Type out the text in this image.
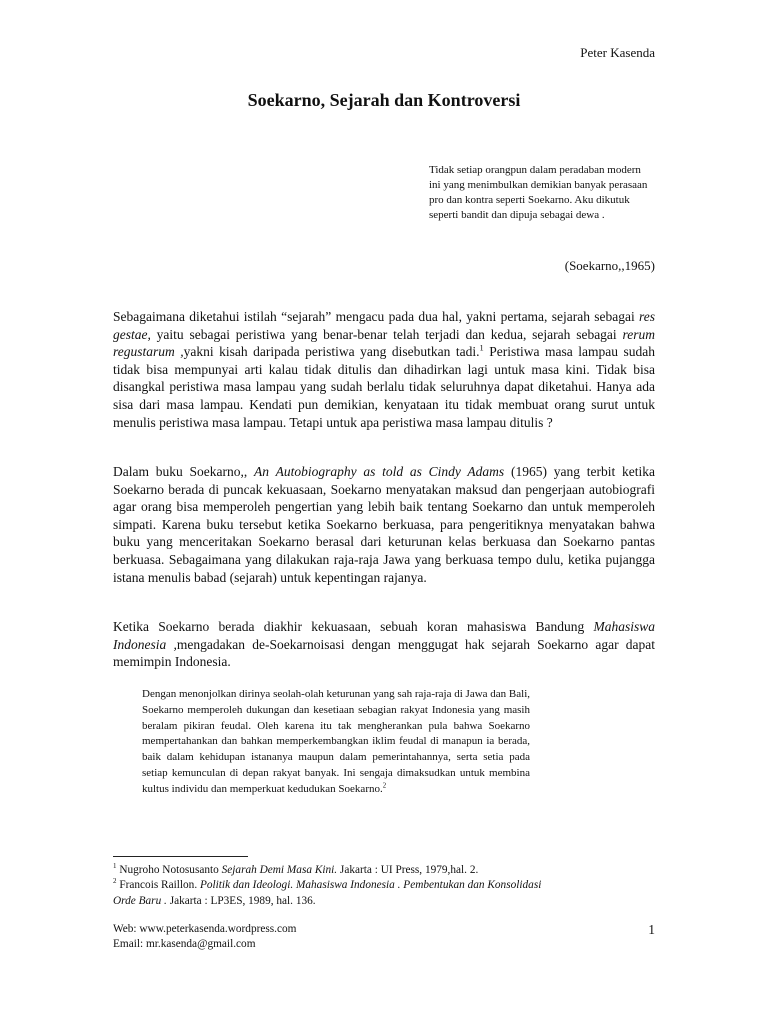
Peter Kasenda
Soekarno, Sejarah dan Kontroversi
Tidak setiap orangpun dalam peradaban modern ini yang menimbulkan demikian banyak perasaan pro dan kontra seperti Soekarno. Aku dikutuk seperti bandit dan dipuja sebagai dewa .
(Soekarno,,1965)

Sebagaimana diketahui istilah “sejarah” mengacu pada dua hal, yakni pertama, sejarah sebagai res gestae, yaitu sebagai peristiwa yang benar-benar telah terjadi dan kedua, sejarah sebagai rerum regustarum ,yakni kisah daripada peristiwa yang disebutkan tadi.$^1$ Peristiwa masa lampau sudah tidak bisa mempunyai arti kalau tidak ditulis dan dihadirkan lagi untuk masa kini. Tidak bisa disangkal peristiwa masa lampau yang sudah berlalu tidak seluruhnya dapat diketahui. Hanya ada sisa dari masa lampau. Kendati pun demikian, kenyataan itu tidak membuat orang surut untuk menulis peristiwa masa lampau. Tetapi untuk apa peristiwa masa lampau ditulis ?

Dalam buku Soekarno,, An Autobiography as told as Cindy Adams (1965) yang terbit ketika Soekarno berada di puncak kekuasaan, Soekarno menyatakan maksud dan pengerjaan autobiografi agar orang bisa memperoleh pengertian yang lebih baik tentang Soekarno dan untuk memperoleh simpati. Karena buku tersebut ketika Soekarno berkuasa, para pengeritiknya menyatakan bahwa buku yang menceritakan Soekarno berasal dari keturunan kelas berkuasa dan Soekarno pantas berkuasa. Sebagaimana yang dilakukan raja-raja Jawa yang berkuasa tempo dulu, ketika pujangga istana menulis babad (sejarah) untuk kepentingan rajanya.

Ketika Soekarno berada diakhir kekuasaan, sebuah koran mahasiswa Bandung Mahasiswa Indonesia ,mengadakan de-Soekarnoisasi dengan menggugat hak sejarah Soekarno agar dapat memimpin Indonesia.

Dengan menonjolkan dirinya seolah-olah keturunan yang sah raja-raja di Jawa dan Bali, Soekarno memperoleh dukungan dan kesetiaan sebagian rakyat Indonesia yang masih beralam pikiran feudal. Oleh karena itu tak mengherankan pula bahwa Soekarno mempertahankan dan bahkan memperkembangkan iklim feudal di manapun ia berada, baik dalam kehidupan istananya maupun dalam pemerintahannya, serta setia pada setiap kemunculan di depan rakyat banyak. Ini sengaja dimaksudkan untuk membina kultus individu dan memperkuat kedudukan Soekarno.$^2$

$^1$ Nugroho Notosusanto Sejarah Demi Masa Kini. Jakarta : UI Press, 1979,hal. 2.
$^2$ Francois Raillon. Politik dan Ideologi. Mahasiswa Indonesia . Pembentukan dan Konsolidasi Orde Baru . Jakarta : LP3ES, 1989, hal. 136.
Web: www.peterkasenda.wordpress.com
Email: mr.kasenda@gmail.com
1
